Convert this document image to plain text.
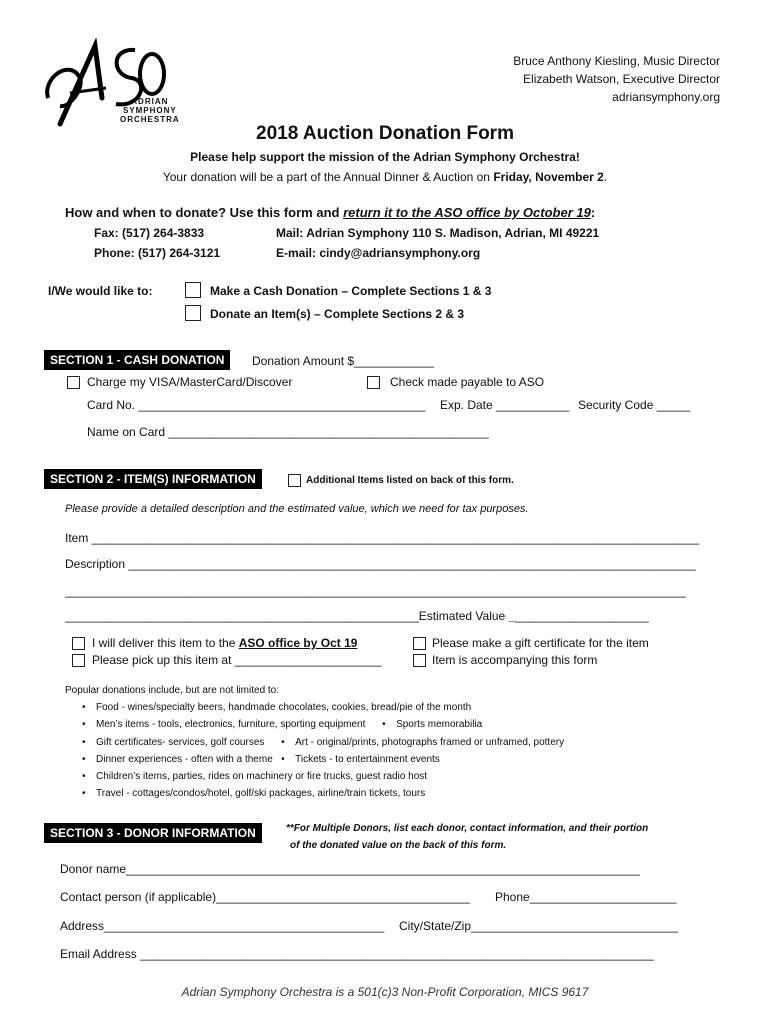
ADRIAN
SYMPHONY
ORCHESTRA
Bruce Anthony Kiesling, Music Director
Elizabeth Watson, Executive Director
adriansymphony.org
2018 Auction Donation Form
Please help support the mission of the Adrian Symphony Orchestra!
Your donation will be a part of the Annual Dinner & Auction on Friday, November 2.
How and when to donate? Use this form and return it to the ASO office by October 19:
Fax: (517) 264-3833
Phone: (517) 264-3121
Mail: Adrian Symphony 110 S. Madison, Adrian, MI 49221
E-mail: cindy@adriansymphony.org
I/We would like to:	Make a Cash Donation – Complete Sections 1 & 3
Donate an Item(s) – Complete Sections 2 & 3
SECTION 1 - CASH DONATION	Donation Amount $____________
Charge my VISA/MasterCard/Discover	Check made payable to ASO
Card No. ___________________________________________ Exp. Date ___________ Security Code _____
Name on Card ________________________________________________
SECTION 2 - ITEM(S) INFORMATION	Additional Items listed on back of this form.
Please provide a detailed description and the estimated value, which we need for tax purposes.
Item ___________________________________________________________________________________________
Description _____________________________________________________________________________________
_____________________________________________________________________________________________
_____________________________________________________Estimated Value _____________________
I will deliver this item to the ASO office by Oct 19
Please pick up this item at ______________________
Please make a gift certificate for the item
Item is accompanying this form
Popular donations include, but are not limited to:
• Food - wines/specialty beers, handmade chocolates, cookies, bread/pie of the month
• Men’s items - tools, electronics, furniture, sporting equipment • Sports memorabilia
• Gift certificates- services, golf courses • Art - original/prints, photographs framed or unframed, pottery
• Dinner experiences - often with a theme • Tickets - to entertainment events
• Children’s items, parties, rides on machinery or fire trucks, guest radio host
• Travel - cottages/condos/hotel, golf/ski packages, airline/train tickets, tours
SECTION 3 - DONOR INFORMATION	**For Multiple Donors, list each donor, contact information, and their portion
of the donated value on the back of this form.
Donor name_____________________________________________________________________________
Contact person (if applicable)______________________________________ Phone______________________
Address__________________________________________ City/State/Zip_______________________________
Email Address _____________________________________________________________________________
Adrian Symphony Orchestra is a 501(c)3 Non-Profit Corporation, MICS 9617
